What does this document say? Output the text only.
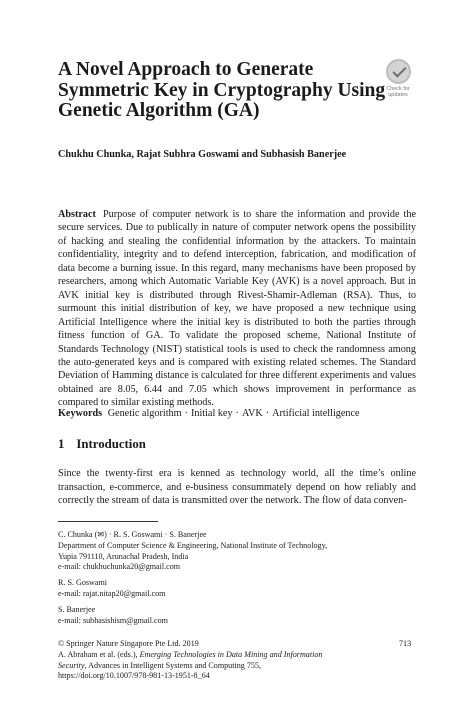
A Novel Approach to Generate
Symmetric Key in Cryptography Using
Genetic Algorithm (GA)
Check for
updates
Chukhu Chunka, Rajat Subhra Goswami and Subhasish Banerjee
Abstract Purpose of computer network is to share the information and provide the secure services. Due to publically in nature of computer network opens the possibility of hacking and stealing the confidential information by the attackers. To maintain confidentiality, integrity and to defend interception, fabrication, and modification of data become a burning issue. In this regard, many mechanisms have been proposed by researchers, among which Automatic Variable Key (AVK) is a novel approach. But in AVK initial key is distributed through Rivest-Shamir-Adleman (RSA). Thus, to surmount this initial distribution of key, we have proposed a new technique using Artificial Intelligence where the initial key is distributed to both the parties through fitness function of GA. To validate the proposed scheme, National Institute of Standards Technology (NIST) statistical tools is used to check the randomness among the auto-generated keys and is compared with existing related schemes. The Standard Deviation of Hamming distance is calculated for three different experiments and values obtained are 8.05, 6.44 and 7.05 which shows improvement in performance as compared to similar existing methods.
Keywords Genetic algorithm · Initial key · AVK · Artificial intelligence
1 Introduction
Since the twenty-first era is kenned as technology world, all the time’s online transaction, e-commerce, and e-business consummately depend on how reliably and correctly the stream of data is transmitted over the network. The flow of data conven-
C. Chunka (✉) · R. S. Goswami · S. Banerjee
Department of Computer Science & Engineering, National Institute of Technology,
Yupia 791110, Arunachal Pradesh, India
e-mail: chukhuchunka20@gmail.com
R. S. Goswami
e-mail: rajat.nitap20@gmail.com
S. Banerjee
e-mail: subhasishism@gmail.com
© Springer Nature Singapore Pte Ltd. 2019
A. Abraham et al. (eds.), Emerging Technologies in Data Mining and Information
Security, Advances in Intelligent Systems and Computing 755,
https://doi.org/10.1007/978-981-13-1951-8_64
713
